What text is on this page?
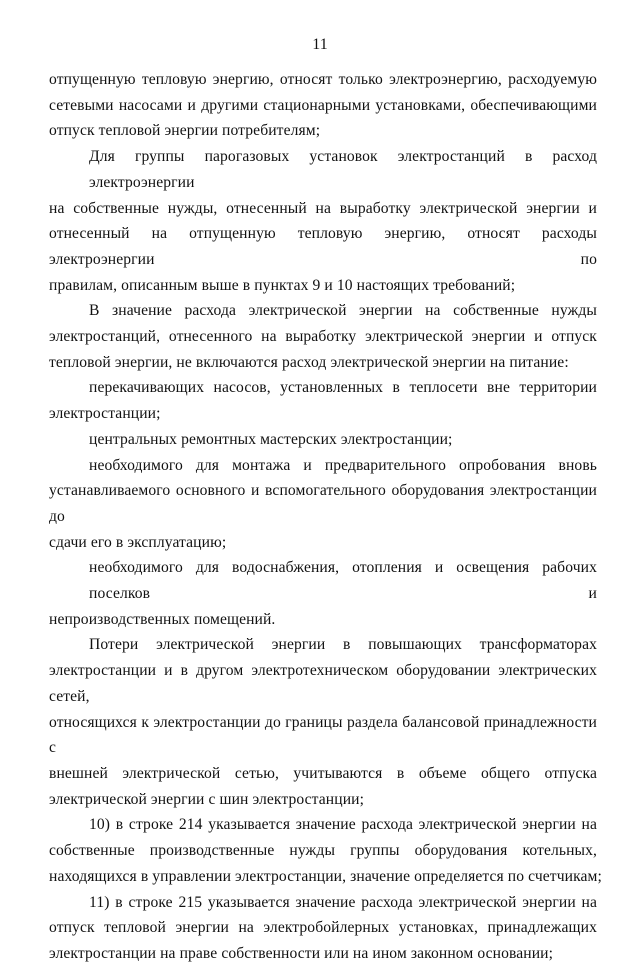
11

отпущенную тепловую энергию, относят только электроэнергию, расходуемую
сетевыми насосами и другими стационарными установками, обеспечивающими
отпуск тепловой энергии потребителям;

Для группы парогазовых установок электростанций в расход электроэнергии
на собственные нужды, отнесенный на выработку электрической энергии и
отнесенный на отпущенную тепловую энергию, относят расходы электроэнергии по
правилам, описанным выше в пунктах 9 и 10 настоящих требований;

В значение расхода электрической энергии на собственные нужды
электростанций, отнесенного на выработку электрической энергии и отпуск
тепловой энергии, не включаются расход электрической энергии на питание:

перекачивающих насосов, установленных в теплосети вне территории
электростанции;

центральных ремонтных мастерских электростанции;

необходимого для монтажа и предварительного опробования вновь
устанавливаемого основного и вспомогательного оборудования электростанции до
сдачи его в эксплуатацию;

необходимого для водоснабжения, отопления и освещения рабочих поселков и
непроизводственных помещений.

Потери электрической энергии в повышающих трансформаторах
электростанции и в другом электротехническом оборудовании электрических сетей,
относящихся к электростанции до границы раздела балансовой принадлежности с
внешней электрической сетью, учитываются в объеме общего отпуска
электрической энергии с шин электростанции;

10) в строке 214 указывается значение расхода электрической энергии на
собственные производственные нужды группы оборудования котельных,
находящихся в управлении электростанции, значение определяется по счетчикам;

11) в строке 215 указывается значение расхода электрической энергии на
отпуск тепловой энергии на электробойлерных установках, принадлежащих
электростанции на праве собственности или на ином законном основании;
